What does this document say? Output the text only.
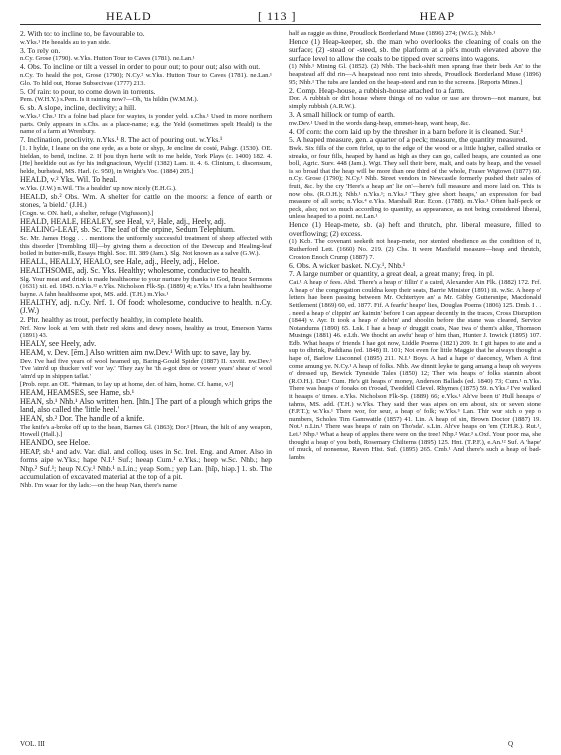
HEALD	[ 113 ]	HEAP

2. With to: to incline to, be favourable to.

w.Yks.¹ He heealds au to yan side.

3. To rely on.

n.Cy. Grose (1790). w.Yks. Hutton Tour to Caves (1781). ne.Lan.¹

4. Obs. To incline or tilt a vessel in order to pour out; to pour out; also with out.

n.Cy. To heald the pot, Grose (1790); N.Cy.² w.Yks. Hutton Tour to Caves (1781). ne.Lan.¹ Glo. To hild out, Horae Subsecivae (1777) 213.

5. Of rain: to pour, to come down in torrents.

Pem. (W.H.Y.) s.Pem. Is it raining now?—Oh, 'tis hildin (W.M.M.).

6. sb. A slope, incline, declivity; a hill.

w.Yks.¹ Chs.¹ It's a folne bad place for waytes, is yonder yeld. s.Chs.¹ Used in more northern parts. Only appears in s.Chs. as a place-name; e.g. the Yeld (sometimes spelt Heald) is the name of a farm at Wrenbury.

7. Inclination, proclivity. n.Yks.¹ 8. The act of pouring out. w.Yks.¹

[1. I hylde, I leane on the one syde, as a bote or shyp, Je encline de costé, Palsgr. (1530). OE. hieldan, to bend, incline. 2. If þou thyn herte wilt to me helde, York Plays (c. 1400) 182. 4. [He] heeldide out as fyr his indignacioun, Wyclif (1382) Lam. ii. 4. 6. Clinium, i. discensum, helde, burhsteal, MS. Harl. (c. 950), in Wright's Voc. (1884) 205.]

HEALD, v.² Yks. Wil. To heal.

w.Yks. (J.W.) n.Wil. 'Tis a healdin' up now nicely (E.H.G.).

HEALD, sb.² Obs. Wm. A shelter for cattle on the moors: a fence of earth or stones, 'a bield.' (J.H.)

[Cogn. w. ON. hæli, a shelter, refuge (Vigfusson).]

HEALD, HEALE, HEALEY, see Heal, v.², Hale, adj., Heely, adj.

HEALING-LEAF, sb. Sc. The leaf of the orpine, Sedum Telephium.

Sc. Mr. James Hogg . . . mentions the uniformly successful treatment of sheep affected with this disorder [Trembling Ill]—by giving them a decoction of the Dewcup and Healing-leaf boiled in butter-milk, Essays Highl. Soc. III. 389 (Jam.). Slg. Not known as a salve (G.W.).

HEALL, HEALLY, HEALO, see Hale, adj., Heely, adj., Heloe.

HEALTHSOME, adj. Sc. Yks. Healthy; wholesome, conducive to health.

Slg. Your meat and drink is made healthsome to your nurture by thanks to God, Bruce Sermons (1631) xii. ed. 1843. n.Yks.¹² e.Yks. Nicholson Flk-Sp. (1889) 4; e.Yks.¹ It's a fahn healthsome bayne. A fahn healthsome spot, MS. add. (T.H.) m.Yks.¹

HEALTHY, adj. n.Cy. Nrf. 1. Of food: wholesome, conducive to health. n.Cy. (J.W.)

2. Phr. healthy as trout, perfectly healthy, in complete health.

Nrf. Now look at 'em with their red skins and dewy noses, healthy as trout, Emerson Yarns (1891) 43.

HEALY, see Heely, adv.

HEAM, v. Dev. [ēm.] Also written aim nw.Dev.¹ With up: to save, lay by.

Dev. I've had five years of wool heamed up, Baring-Gould Spider (1887) II. xxviii. nw.Dev.¹ 'I've 'aim'd up thucker veil' vor 'ay.' 'They zay he 'th a-got dree or vower years' shear o' wool 'aim'd up in shippen taflat.'

[Prob. repr. an OE. *hǣman, to lay up at home, der. of hām, home. Cf. hame, v.²]

HEAM, HEAMSES, see Hame, sb.¹

HEAN, sb.¹ Nhb.¹ Also written hen. [hīn.] The part of a plough which grips the land, also called the 'little heel.'

HEAN, sb.² Dor. The handle of a knife.

The knife's a-broke off up to the hean, Barnes Gl. (1863); Dor.¹ [Hean, the hilt of any weapon, Howell (Hall.).]

HEANDO, see Heloe.

HEAP, sb.¹ and adv. Var. dial. and colloq. uses in Sc. Irel. Eng. and Amer. Also in forms aipe w.Yks.; hape N.I.¹ Suf.; heeap Cum.¹ e.Yks.; heep w.Sc. Nhb.; hep Nhp.² Suf.¹; heup N.Cy.¹ Nhb.¹ n.Lin.; yeap Som.; yep Lan. [hīp, hiəp.] 1. sb. The accumulation of excavated material at the top of a pit.

Nhb. I'm waar for thy lads:—on the heap Nan, there's name

half as raggie as thine, Proudlock Borderland Muse (1896) 274; (W.G.); Nhb.¹

Hence (1) Heap-keeper, sb. the man who overlooks the cleaning of coals on the surface; (2) -stead or -steed, sb. the platform at a pit's mouth elevated above the surface level to allow the coals to be tipped over screens into wagons.

(1) Nhb.¹ Mining Gl. (1852). (2) Nhb. The back-shift men sprang frae their beds An' to the heapstead aff did rin—A heapstead noo rent into shreds, Proudlock Borderland Muse (1896) 95; Nhb.¹ The tubs are landed on the heap-steed and run to the screens. [Reports Mines.]

2. Comp. Heap-house, a rubbish-house attached to a farm.

Dor. A rubbish or dirt house where things of no value or use are thrown—not manure, but simply rubbish (A.R.W.).

3. A small hillock or tump of earth.

nw.Dev.¹ Used in the words dang-heap, emmet-heap, want heap, &c.

4. Of corn: the corn laid up by the thresher in a barn before it is cleaned. Sur.¹

5. A heaped measure, gen. a quarter of a peck; measure, the quantity measured.

Bwk. Six fills of the corn firlot, up to the edge of the wood or a little higher, called straiks or streaks, or four fills, heaped by hand as high as they can go, called heaps, are counted as one boll, Agric. Surv. 448 (Jam.). Wgt. They sell their bere, malt, and oats by heap, and the vessel is so broad that the heap will be more than one third of the whole, Fraser Wigtown (1877) 60. n.Cy. Grose (1790); N.Cy.¹ Nhb. Street vendors in Newcastle formerly pushed their sales of fruit, &c. by the cry 'Here's a heap an' lie on'—here's full measure and more laid on. This is now obs. (R.O.H.); Nhb.¹ n.Yks.¹; n.Yks.² 'They give short heaps,' an expression for bad measure of all sorts; n.Yks.⁴ e.Yks. Marshall Rur. Econ. (1788). m.Yks.¹ Often half-peck or peck, also; not so much according to quantity, as appearance, as not being considered liberal, unless heaped to a point. ne.Lan.¹

Hence (1) Heap-mete, sb. (a) heft and thrutch, phr. liberal measure, filled to overflowing; (2) excess.

(1) Kcb. The covenant seeketh not heap-mete, nor stented obedience as the condition of it, Rutherford Lett. (1660) No. 219. (2) Chs. It were Maxfield measure—heap and thrutch, Croston Enoch Crump (1887) 7.

6. Obs. A wicker basket. N.Cy.¹, Nhb.¹

7. A large number or quantity, a great deal, a great many; freq. in pl.

Cai.¹ A heap o' fees. Abd. There's a heap o' fillin' i' a caird, Alexander Ain Flk. (1882) 172. Frf. A heap o' the congregation couldna keep their seats, Barrie Minister (1891) iii. w.Sc. A heep o' letters hae been passing between Mr. Ochtertyre an' a Mr. Gibby Guttersnipe, Macdonald Settlement (1869) 60, ed. 1877. Fif. A fearfu' heapo' lies, Douglas Poems (1806) 125. Dmb. I . . . need a heap o' clippin' an' kaimin' before I can appear decently in the traces, Cross Disruption (1844) v. Ayr. It took a heap o' delvin' and shoolin before the stane was cleared, Service Notandums (1890) 65. Lnk. I hae a heap o' druggit coats, Nae twa o' them's alike, Thomson Musings (1881) 46. e.Lth. We thocht an awfu' heap o' him than, Hunter J. Inwick (1895) 107. Edb. What heaps o' friends I hae got now, Liddle Poems (1821) 209. Ir. I git hapes to ate and a sup to dhrink, Paddiana (ed. 1848) II. 101; Not even for little Maggie that he always thought a hape of, Barlow Lisconnel (1895) 211. N.I.¹ Boys. A had a hape o' daecency, When A first come amung ye. N.Cy.¹ A heap of folks. Nhb. Aw dinnit leyke te gang amang a heap oh weyves o' dressed up, Bewick Tyneside Tales (1850) 12; Ther wis heaps o' folks stannin aboot (R.O.H.). Dur.¹ Cum. He's git heaps o' money, Anderson Ballads (ed. 1840) 73; Cum.¹ n.Yks. There was heaps o' fooaks on t'rooad, Tweddell Clevel. Rhymes (1875) 59. n.Yks.² I've walked it heaaps o' times. e.Yks. Nicholson Flk-Sp. (1889) 66; e.Yks.¹ Ah've been ti' Hull heeaps o' tahms, MS. add. (T.H.) w.Yks. They said ther was aipes on em about, six or seven stone (F.P.T.); w.Yks.¹ There wor, for seur, a heap o' folk; w.Yks.⁵ Lan. Thir wur sich o yep o numbers, Scholes Tim Gamwattle (1857) 41. Lin. A heap of sin, Brown Doctor (1887) 19. Not.¹ n.Lin.¹ There was heaps o' rain on Tho'sda'. s.Lin. Ah've heaps on 'em (T.H.R.). Rut.¹, Lei.¹ Nhp.¹ What a heap of apples there were on the tree! Nhp.² War.³ s.Oxf. Your poor ma, she thought a heap o' you both, Rosemary Chilterns (1895) 125. Hnt. (T.P.F.), e.An.¹² Suf. A 'hape' of muck, of nonsense, Raven Hist. Suf. (1895) 265. Cmb.¹ And there's such a heap of bad-lambs

VOL. III	Q
